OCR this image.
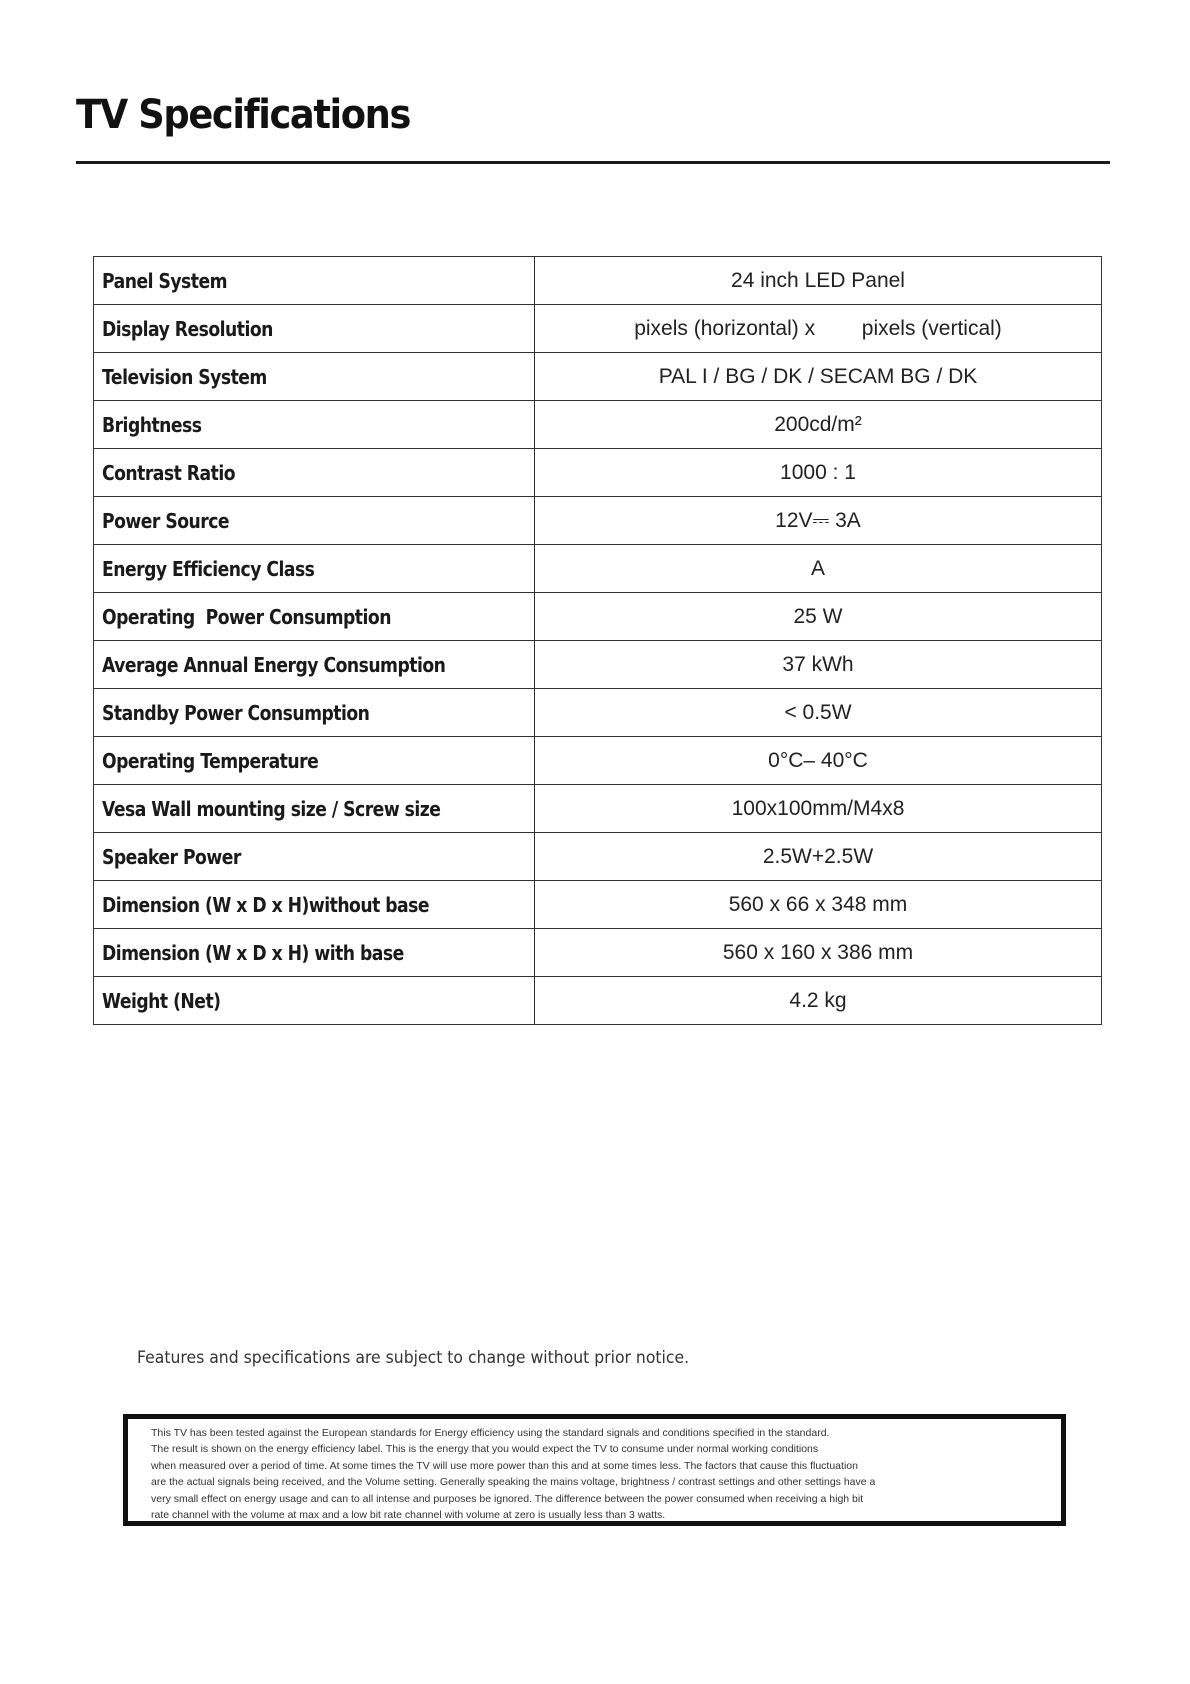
TV Specifications
Panel System	24 inch LED Panel
Display Resolution	pixels (horizontal) x        pixels (vertical)
Television System	PAL I / BG / DK / SECAM BG / DK
Brightness	200cd/m²
Contrast Ratio	1000 : 1
Power Source	12V⎓ 3A
Energy Efficiency Class	A
Operating  Power Consumption	25 W
Average Annual Energy Consumption	37 kWh
Standby Power Consumption	< 0.5W
Operating Temperature	0°C– 40°C
Vesa Wall mounting size / Screw size	100x100mm/M4x8
Speaker Power	2.5W+2.5W
Dimension (W x D x H)without base	560 x 66 x 348 mm
Dimension (W x D x H) with base	560 x 160 x 386 mm
Weight (Net)	4.2 kg

Features and specifications are subject to change without prior notice.

This TV has been tested against the European standards for Energy efficiency using the standard signals and conditions specified in the standard.

The result is shown on the energy efficiency label. This is the energy that you would expect the TV to consume under normal working conditions

when measured over a period of time. At some times the TV will use more power than this and at some times less. The factors that cause this fluctuation

are the actual signals being received, and the Volume setting. Generally speaking the mains voltage, brightness / contrast settings and other settings have a

very small effect on energy usage and can to all intense and purposes be ignored. The difference between the power consumed when receiving a high bit

rate channel with the volume at max and a low bit rate channel with volume at zero is usually less than 3 watts.
